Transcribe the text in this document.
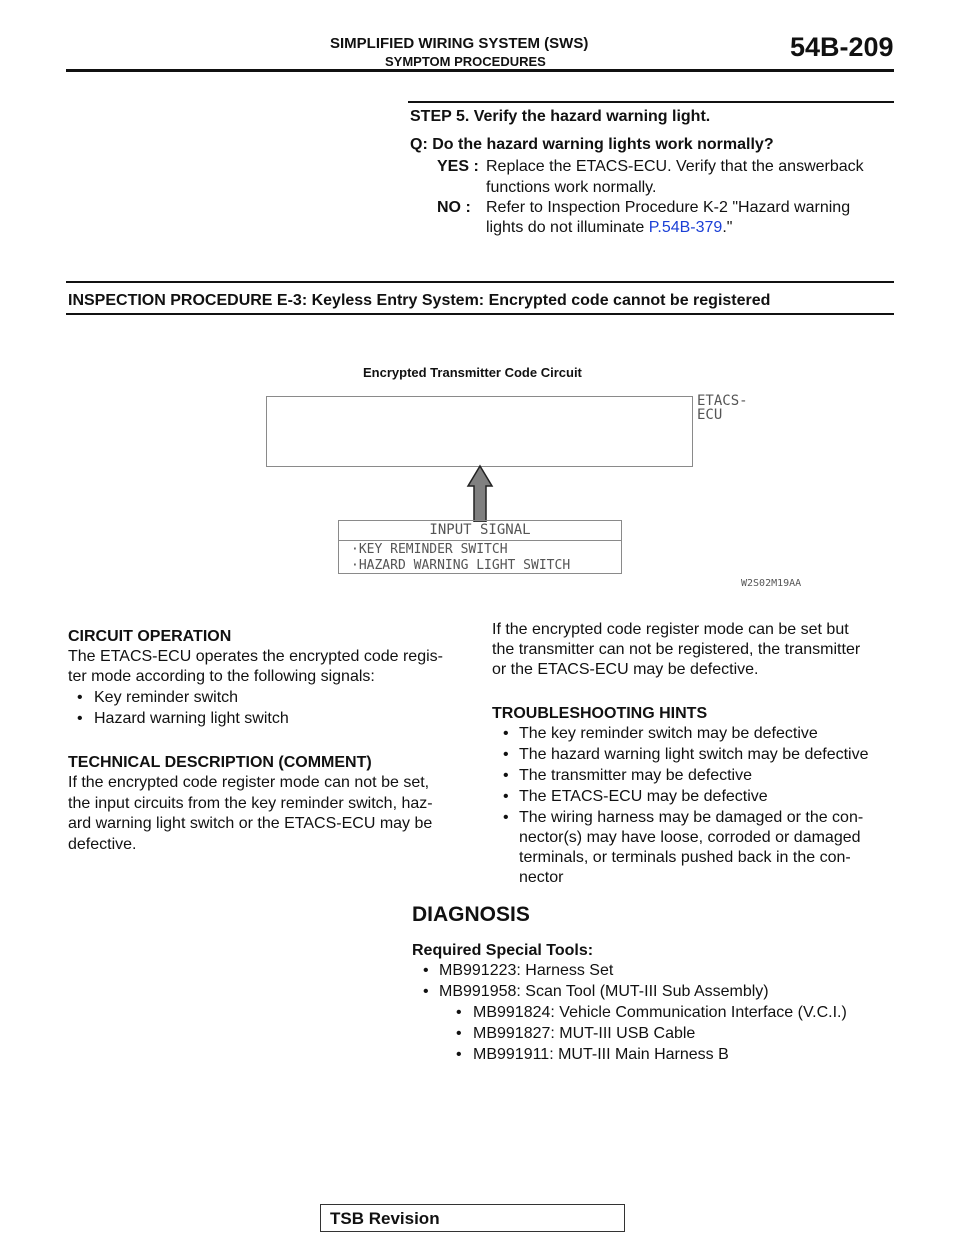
SIMPLIFIED WIRING SYSTEM (SWS)
SYMPTOM PROCEDURES	54B-209
STEP 5. Verify the hazard warning light.
Q: Do the hazard warning lights work normally?
YES : Replace the ETACS-ECU. Verify that the answerback
functions work normally.
NO : Refer to Inspection Procedure K-2 "Hazard warning
lights do not illuminate P.54B-379."
INSPECTION PROCEDURE E-3: Keyless Entry System: Encrypted code cannot be registered
Encrypted Transmitter Code Circuit
ETACS-
ECU
INPUT SIGNAL
·KEY REMINDER SWITCH
·HAZARD WARNING LIGHT SWITCH
W2S02M19AA
CIRCUIT OPERATION
The ETACS-ECU operates the encrypted code regis-
ter mode according to the following signals:
• Key reminder switch
• Hazard warning light switch
TECHNICAL DESCRIPTION (COMMENT)
If the encrypted code register mode can not be set,
the input circuits from the key reminder switch, haz-
ard warning light switch or the ETACS-ECU may be
defective.
If the encrypted code register mode can be set but
the transmitter can not be registered, the transmitter
or the ETACS-ECU may be defective.
TROUBLESHOOTING HINTS
• The key reminder switch may be defective
• The hazard warning light switch may be defective
• The transmitter may be defective
• The ETACS-ECU may be defective
• The wiring harness may be damaged or the con-
nector(s) may have loose, corroded or damaged
terminals, or terminals pushed back in the con-
nector
DIAGNOSIS
Required Special Tools:
• MB991223: Harness Set
• MB991958: Scan Tool (MUT-III Sub Assembly)
• MB991824: Vehicle Communication Interface (V.C.I.)
• MB991827: MUT-III USB Cable
• MB991911: MUT-III Main Harness B
TSB Revision
